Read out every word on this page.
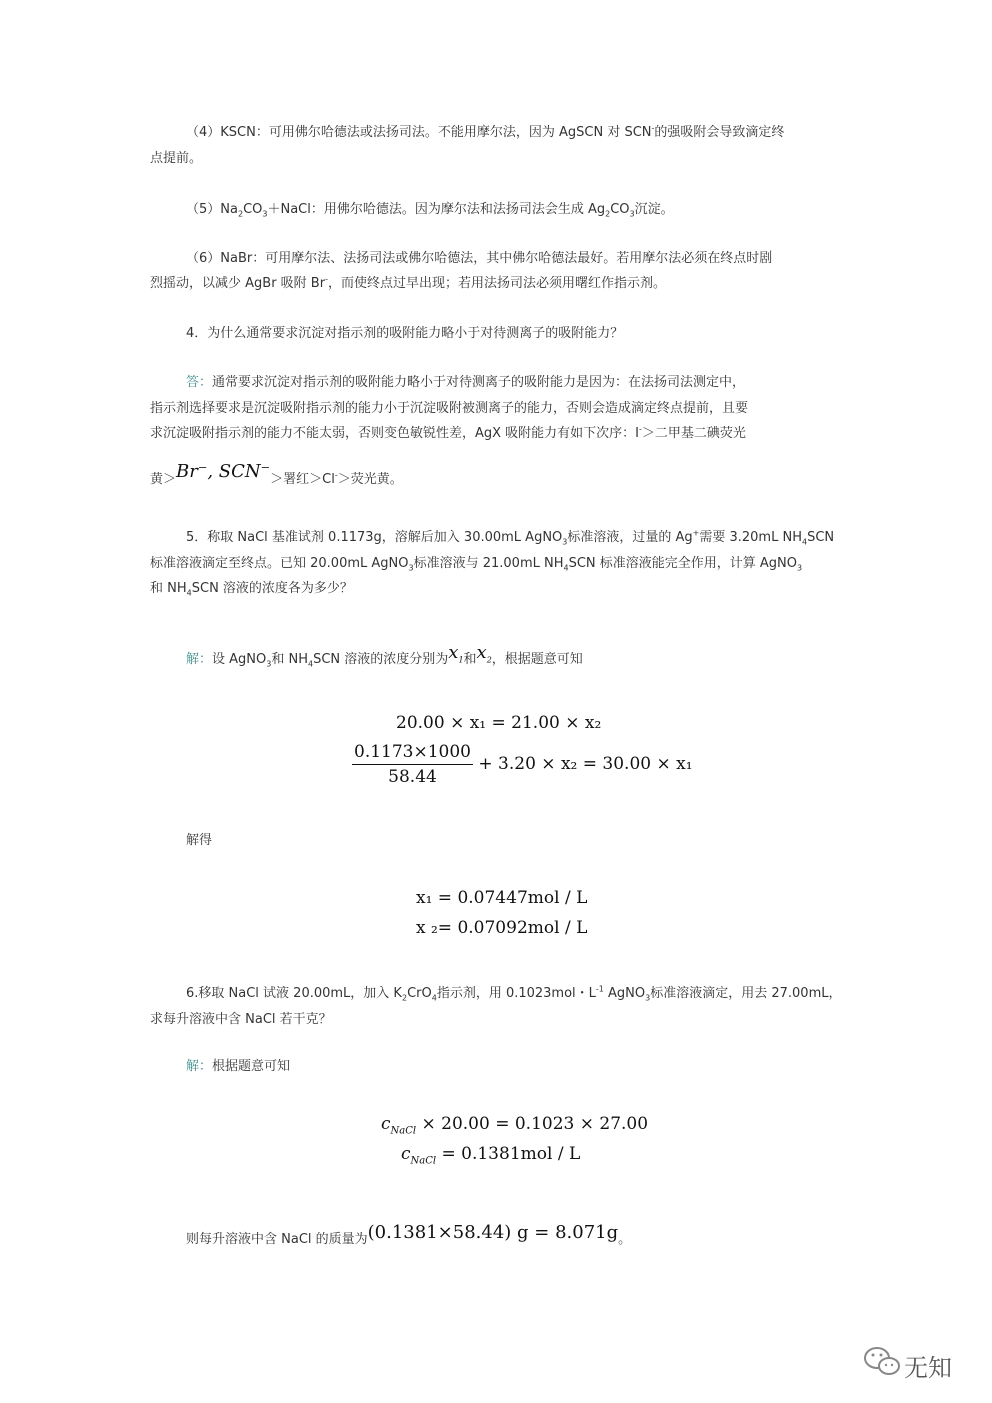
（4）KSCN：可用佛尔哈德法或法扬司法。不能用摩尔法，因为 AgSCN 对 SCN-的强吸附会导致滴定终
点提前。
$(5)Na_2CO_3+NaCl$：用佛尔哈德法。因为摩尔法和法扬司法会生成 $Ag_2CO_3$沉淀。
（6）NaBr：可用摩尔法、法扬司法或佛尔哈德法，其中佛尔哈德法最好。若用摩尔法必须在终点时剧
烈摇动，以减少 AgBr 吸附 Br-，而使终点过早出现；若用法扬司法必须用曙红作指示剂。
4．为什么通常要求沉淀对指示剂的吸附能力略小于对待测离子的吸附能力？
答：通常要求沉淀对指示剂的吸附能力略小于对待测离子的吸附能力是因为：在法扬司法测定中，
指示剂选择要求是沉淀吸附指示剂的能力小于沉淀吸附被测离子的能力，否则会造成滴定终点提前，且要
求沉淀吸附指示剂的能力不能太弱，否则变色敏锐性差，AgX 吸附能力有如下次序：I-＞二甲基二碘荧光
黄＞Br⁻, SCN⁻＞署红＞Cl-＞荧光黄。
5．称取 NaCl 基准试剂 0.1173g，溶解后加入 30.00mL AgNO$_3$标准溶液，过量的 Ag+需要 3.20mL $NH_4SCN$
标准溶液滴定至终点。已知 20.00mL AgNO$_3$标准溶液与 21.00mL $NH_4SCN$ 标准溶液能完全作用，计算 AgNO$_3$
和 $NH_4SCN$ 溶液的浓度各为多少？
解：设 AgNO$_3$和 $NH_4SCN$ 溶液的浓度分别为$x_1$和$x_2$，根据题意可知
20.00 × x₁ = 21.00 × x₂
$\frac{0.1173\times 1000}{58.44} + 3.20 \times x_2 = 30.00 \times x_1$
解得
x₁ = 0.07447mol / L
x ₂= 0.07092mol / L
6.移取 NaCl 试液 20.00mL，加入 $K_2CrO_4$指示剂，用 0.1023mol・$L^{-1}$ AgNO$_3$标准溶液滴定，用去 27.00mL，
求每升溶液中含 NaCl 若干克？
解：根据题意可知
$c_{NaCl} \times 20.00 = 0.1023 \times 27.00$
$c_{NaCl} = 0.1381mol / L$
则每升溶液中含 NaCl 的质量为(0.1381×58.44) g = 8.071g。
无知
